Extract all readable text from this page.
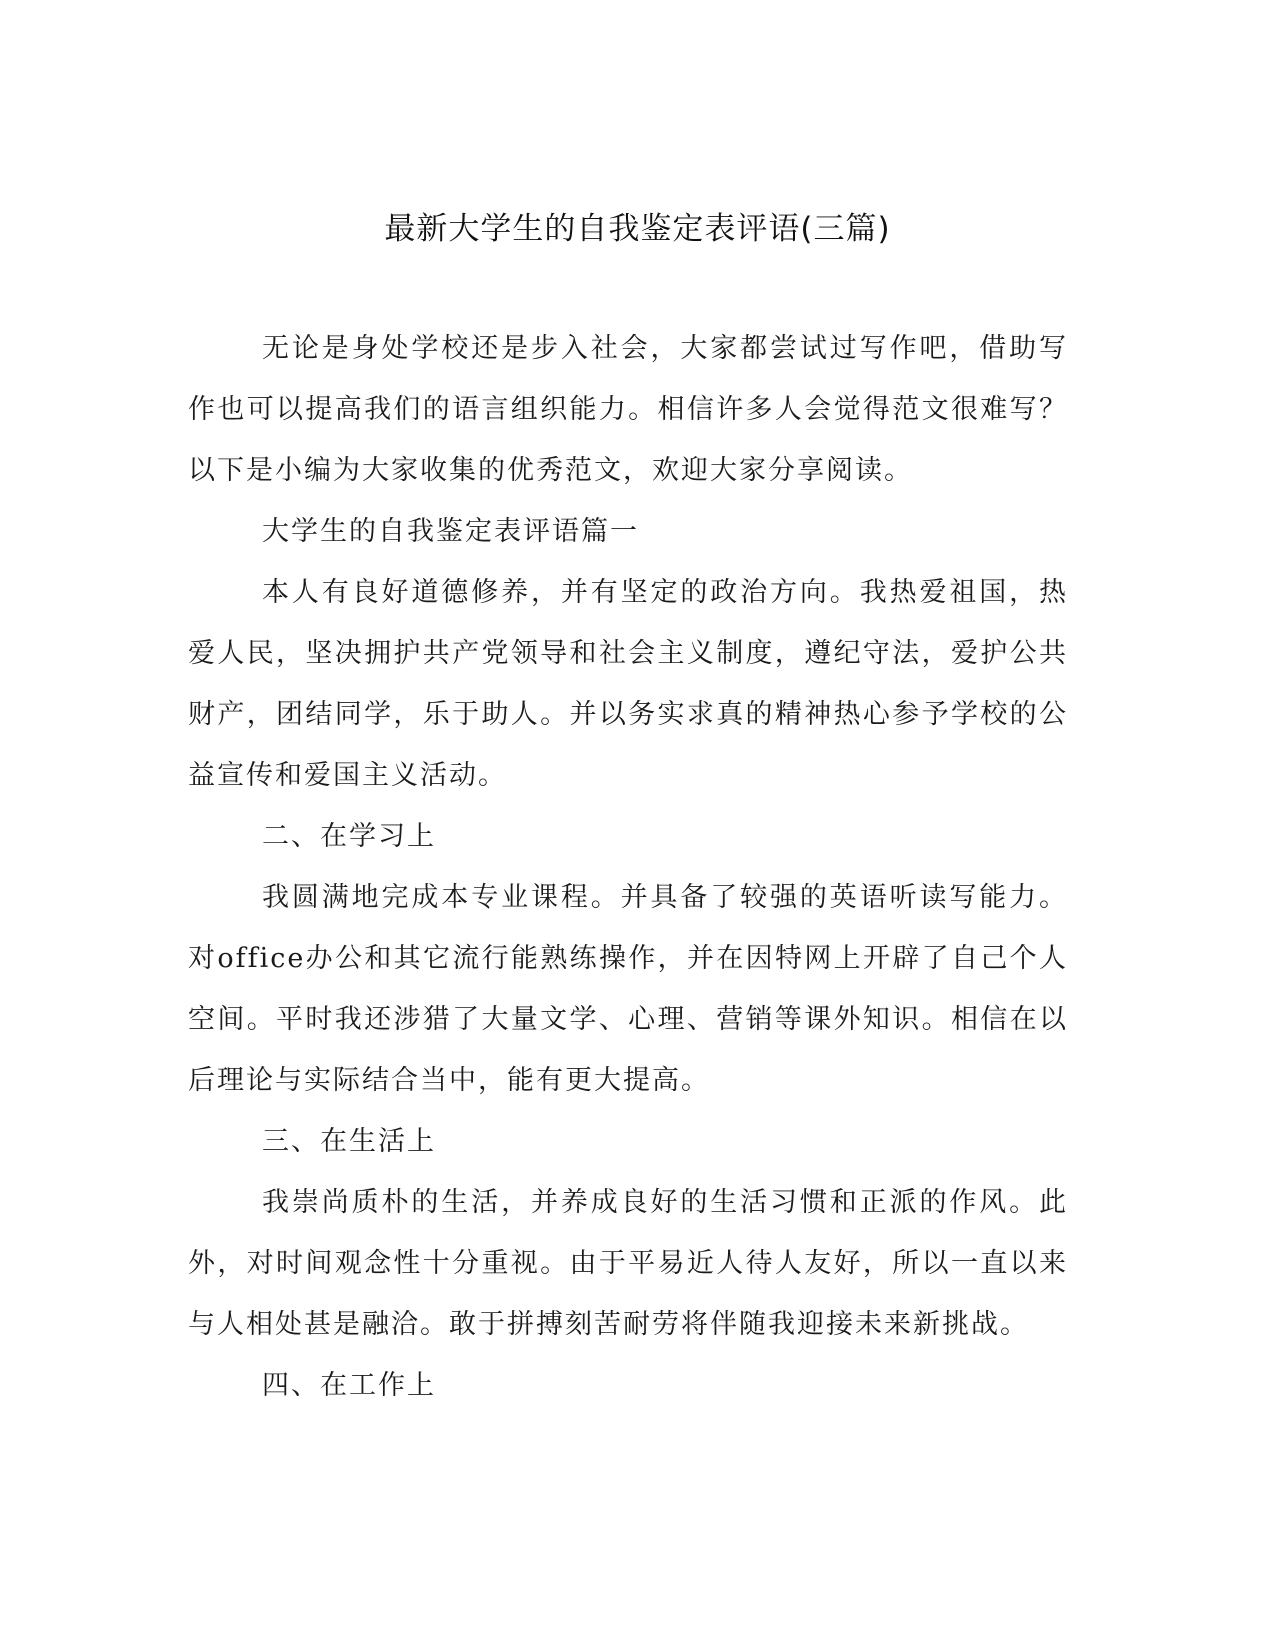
最新大学生的自我鉴定表评语(三篇)

无论是身处学校还是步入社会，大家都尝试过写作吧，借助写作也可以提高我们的语言组织能力。相信许多人会觉得范文很难写？以下是小编为大家收集的优秀范文，欢迎大家分享阅读。

大学生的自我鉴定表评语篇一

本人有良好道德修养，并有坚定的政治方向。我热爱祖国，热爱人民，坚决拥护共产党领导和社会主义制度，遵纪守法，爱护公共财产，团结同学，乐于助人。并以务实求真的精神热心参予学校的公益宣传和爱国主义活动。

二、在学习上

我圆满地完成本专业课程。并具备了较强的英语听读写能力。对office办公和其它流行能熟练操作，并在因特网上开辟了自己个人空间。平时我还涉猎了大量文学、心理、营销等课外知识。相信在以后理论与实际结合当中，能有更大提高。

三、在生活上

我崇尚质朴的生活，并养成良好的生活习惯和正派的作风。此外，对时间观念性十分重视。由于平易近人待人友好，所以一直以来与人相处甚是融洽。敢于拼搏刻苦耐劳将伴随我迎接未来新挑战。

四、在工作上
